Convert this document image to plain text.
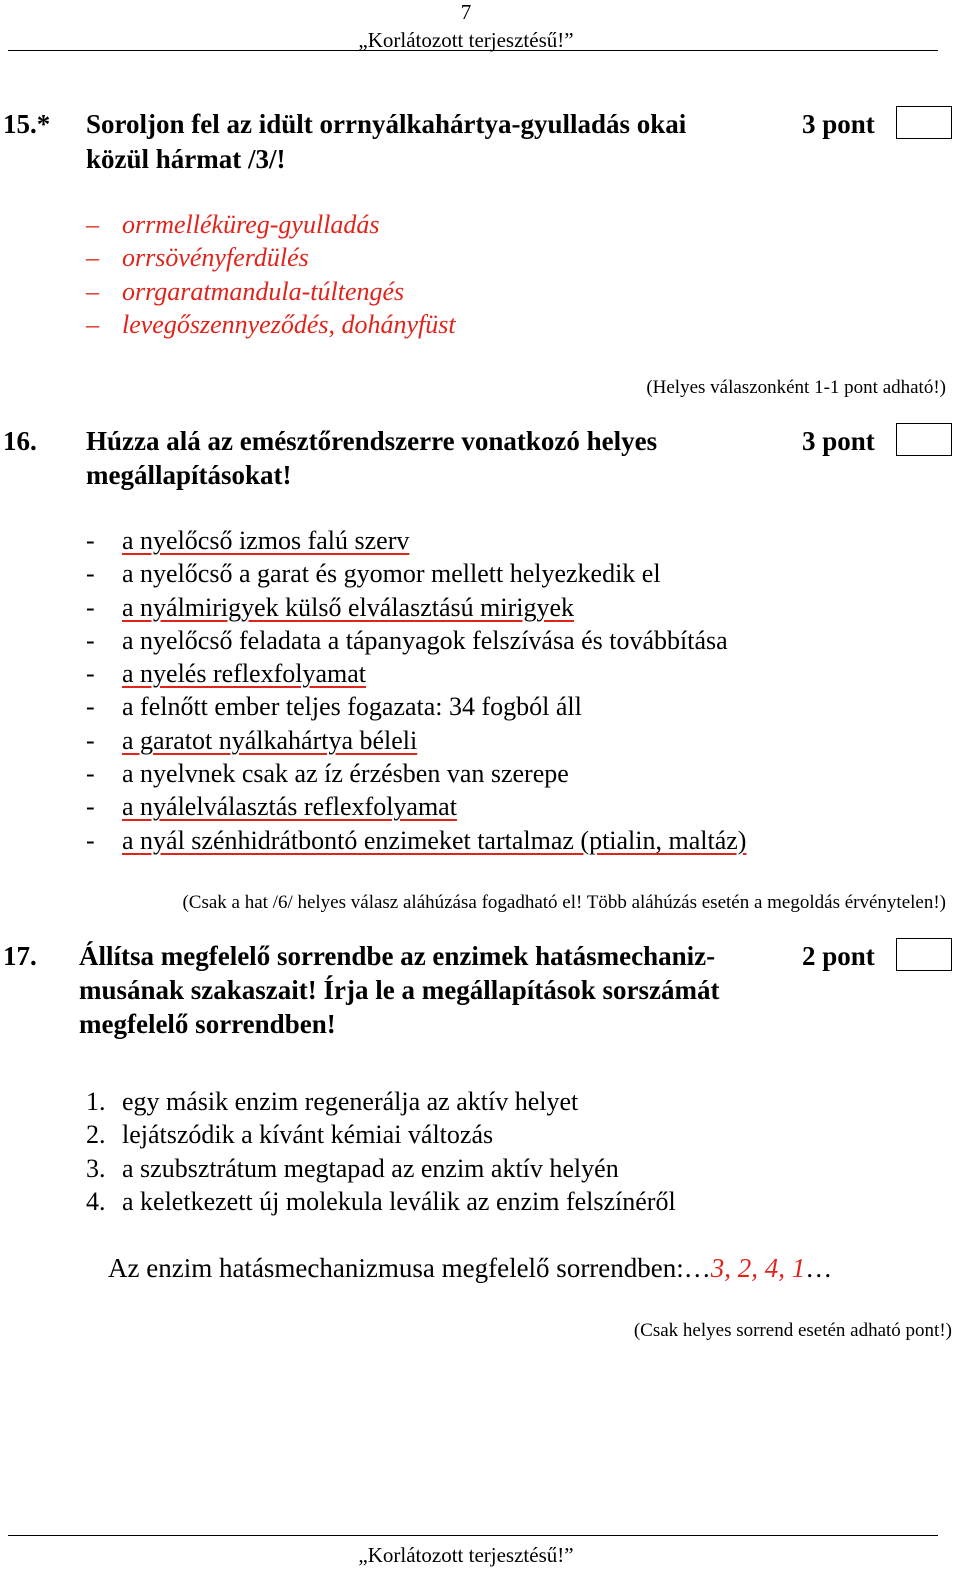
7
„Korlátozott terjesztésű!”
15.* Soroljon fel az idült orrnyálkahártya-gyulladás okai
közül hármat /3/!
3 pont
– orrmelléküreg-gyulladás
– orrsövényferdülés
– orrgaratmandula-túltengés
– levegőszennyeződés, dohányfüst
(Helyes válaszonként 1-1 pont adható!)
16. Húzza alá az emésztőrendszerre vonatkozó helyes
megállapításokat!
3 pont
- a nyelőcső izmos falú szerv
- a nyelőcső a garat és gyomor mellett helyezkedik el
- a nyálmirigyek külső elválasztású mirigyek
- a nyelőcső feladata a tápanyagok felszívása és továbbítása
- a nyelés reflexfolyamat
- a felnőtt ember teljes fogazata: 34 fogból áll
- a garatot nyálkahártya béleli
- a nyelvnek csak az íz érzésben van szerepe
- a nyálelválasztás reflexfolyamat
- a nyál szénhidrátbontó enzimeket tartalmaz (ptialin, maltáz)
(Csak a hat /6/ helyes válasz aláhúzása fogadható el! Több aláhúzás esetén a megoldás érvénytelen!)
17. Állítsa megfelelő sorrendbe az enzimek hatásmechaniz-
musának szakaszait! Írja le a megállapítások sorszámát
megfelelő sorrendben!
2 pont
1. egy másik enzim regenerálja az aktív helyet
2. lejátszódik a kívánt kémiai változás
3. a szubsztrátum megtapad az enzim aktív helyén
4. a keletkezett új molekula leválik az enzim felszínéről
Az enzim hatásmechanizmusa megfelelő sorrendben:…3, 2, 4, 1…
(Csak helyes sorrend esetén adható pont!)
„Korlátozott terjesztésű!”
